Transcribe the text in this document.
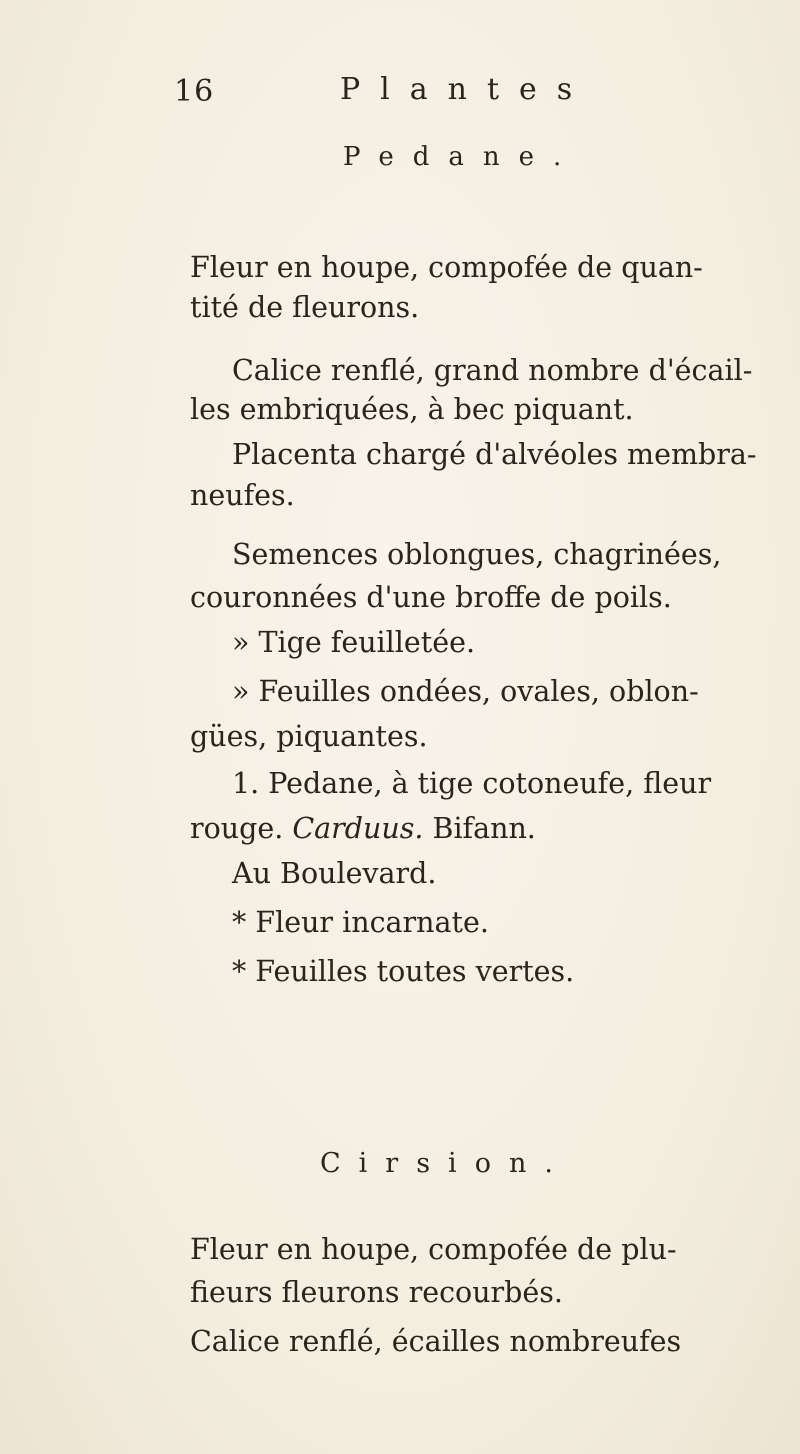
16	Plantes
Pedane.
Fleur en houpe, compofée de quan-
tité de fleurons.
Calice renflé, grand nombre d'écail-
les embriquées, à bec piquant.
Placenta chargé d'alvéoles membra-
neufes.
Semences oblongues, chagrinées,
couronnées d'une broffe de poils.
» Tige feuilletée.
» Feuilles ondées, ovales, oblon-
gües, piquantes.
1. Pedane, à tige cotoneufe, fleur
rouge. Carduus. Bifann.
Au Boulevard.
* Fleur incarnate.
* Feuilles toutes vertes.
Cirsion.
Fleur en houpe, compofée de plu-
fieurs fleurons recourbés.
Calice renflé, écailles nombreufes
